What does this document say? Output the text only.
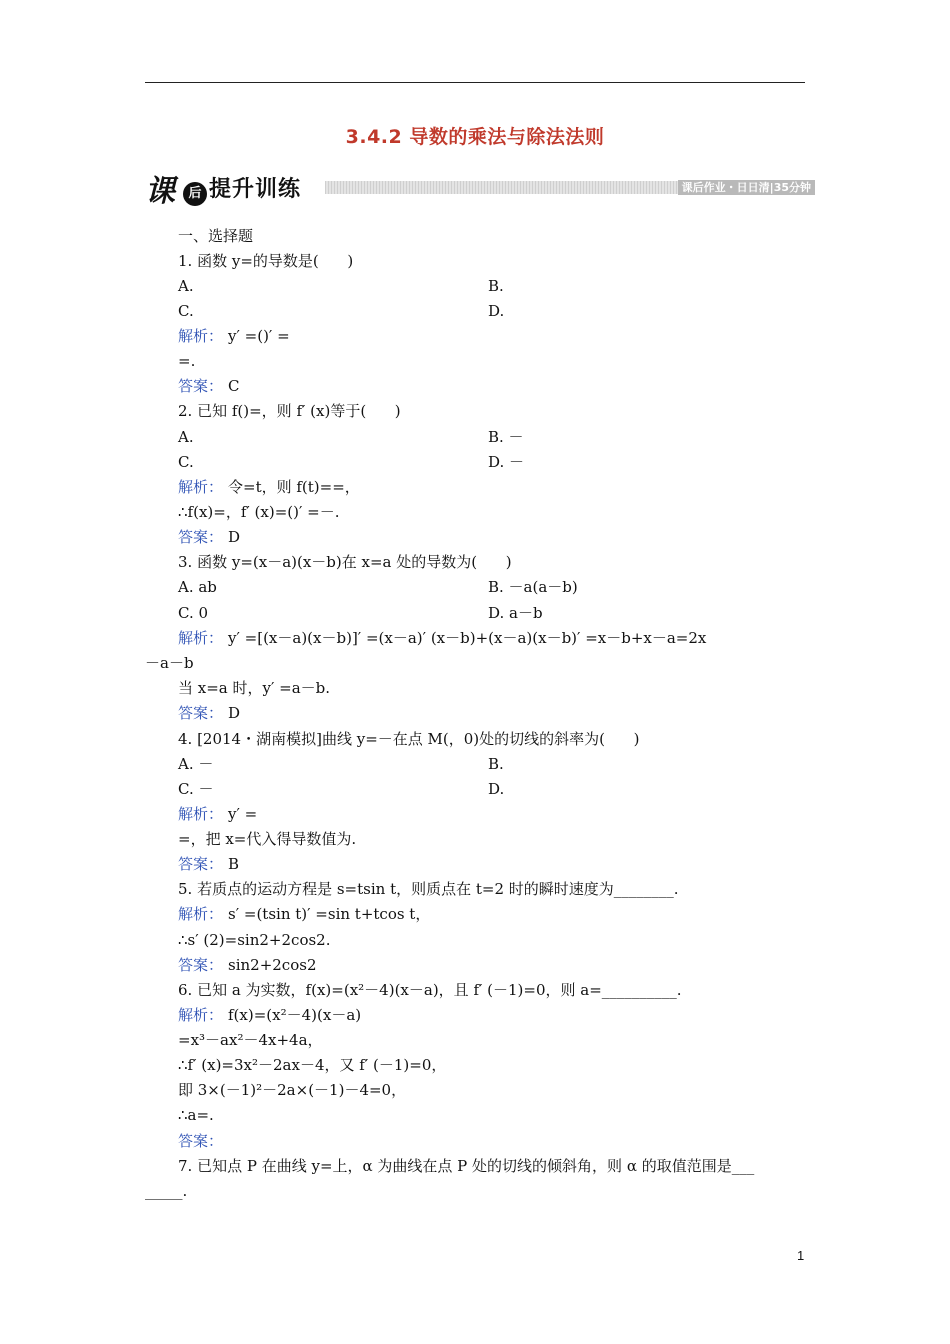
3.4.2 导数的乘法与除法法则
课	后 提升训练	课后作业・日日清|35分钟
一、选择题
1. 函数 y=的导数是(      )
A.	B.
C.	D.
解析： y′ =()′ =
=.
答案： C
2. 已知 f()=，则 f′ (x)等于(      )
A.	B. －
C.	D. －
解析： 令=t，则 f(t)==，
∴f(x)=，f′ (x)=()′ =－.
答案： D
3. 函数 y=(x－a)(x－b)在 x=a 处的导数为(      )
A. ab	B. －a(a－b)
C. 0	D. a－b
解析： y′ =[(x－a)(x－b)]′ =(x－a)′ (x－b)+(x－a)(x－b)′ =x－b+x－a=2x
－a－b
当 x=a 时，y′ =a－b.
答案： D
4. [2014・湖南模拟]曲线 y=－在点 M(，0)处的切线的斜率为(      )
A. －	B.
C. －	D.
解析： y′ =
=，把 x=代入得导数值为.
答案： B
5. 若质点的运动方程是 s=tsin t，则质点在 t=2 时的瞬时速度为________.
解析： s′ =(tsin t)′ =sin t+tcos t，
∴s′ (2)=sin2+2cos2.
答案： sin2+2cos2
6. 已知 a 为实数，f(x)=(x²－4)(x－a)，且 f′ (－1)=0，则 a=__________.
解析： f(x)=(x²－4)(x－a)
=x³－ax²－4x+4a，
∴f′ (x)=3x²－2ax－4，又 f′ (－1)=0，
即 3×(－1)²－2a×(－1)－4=0，
∴a=.
答案：
7. 已知点 P 在曲线 y=上，α 为曲线在点 P 处的切线的倾斜角，则 α 的取值范围是___
_____.
1
